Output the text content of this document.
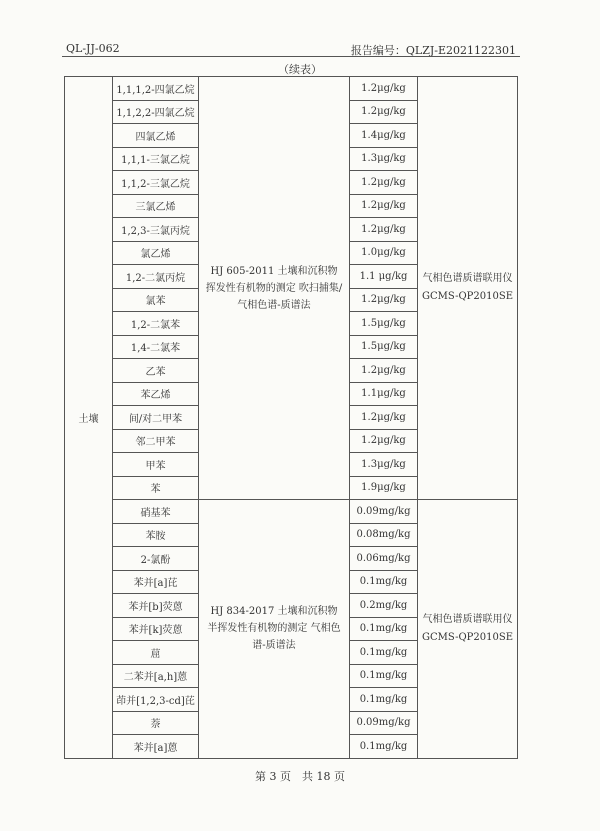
QL-JJ-062	报告编号：QLZJ-E2021122301
（续表）
土壤	1,1,1,2-四氯乙烷	HJ 605-2011 土壤和沉积物 挥发性有机物的测定 吹扫捕集/气相色谱-质谱法	1.2μg/kg	气相色谱质谱联用仪 GCMS-QP2010SE
	1,1,2,2-四氯乙烷		1.2μg/kg	
	四氯乙烯		1.4μg/kg	
	1,1,1-三氯乙烷		1.3μg/kg	
	1,1,2-三氯乙烷		1.2μg/kg	
	三氯乙烯		1.2μg/kg	
	1,2,3-三氯丙烷		1.2μg/kg	
	氯乙烯		1.0μg/kg	
	1,2-二氯丙烷		1.1 μg/kg	
	氯苯		1.2μg/kg	
	1,2-二氯苯		1.5μg/kg	
	1,4-二氯苯		1.5μg/kg	
	乙苯		1.2μg/kg	
	苯乙烯		1.1μg/kg	
	间/对二甲苯		1.2μg/kg	
	邻二甲苯		1.2μg/kg	
	甲苯		1.3μg/kg	
	苯		1.9μg/kg	
	硝基苯	HJ 834-2017 土壤和沉积物 半挥发性有机物的测定 气相色谱-质谱法	0.09mg/kg	气相色谱质谱联用仪 GCMS-QP2010SE
	苯胺		0.08mg/kg	
	2-氯酚		0.06mg/kg	
	苯并[a]芘		0.1mg/kg	
	苯并[b]荧蒽		0.2mg/kg	
	苯并[k]荧蒽		0.1mg/kg	
	䓛		0.1mg/kg	
	二苯并[a,h]蒽		0.1mg/kg	
	茚并[1,2,3-cd]芘		0.1mg/kg	
	萘		0.09mg/kg	
	苯并[a]蒽		0.1mg/kg	
第 3 页　共 18 页
